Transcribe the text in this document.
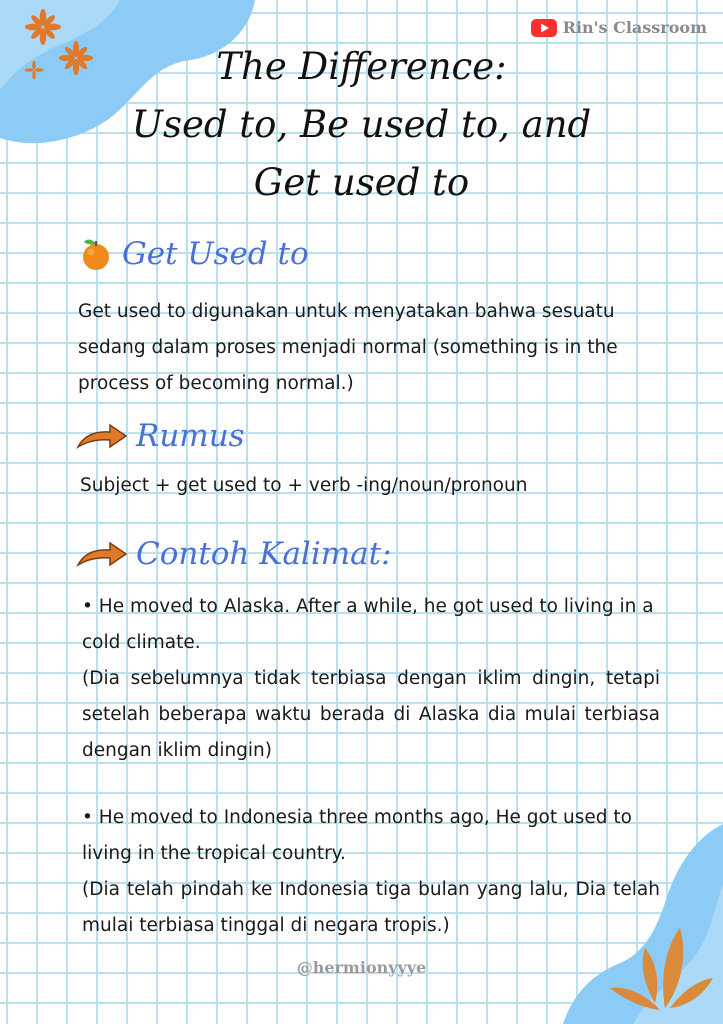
Rin's Classroom
The Difference:
Used to, Be used to, and
Get used to
Get Used to
Get used to digunakan untuk menyatakan bahwa sesuatu
sedang dalam proses menjadi normal (something is in the
process of becoming normal.)
Rumus
Subject + get used to + verb -ing/noun/pronoun
Contoh Kalimat:
• He moved to Alaska. After a while, he got used to living in a cold climate.
(Dia sebelumnya tidak terbiasa dengan iklim dingin, tetapi setelah beberapa waktu berada di Alaska dia mulai terbiasa dengan iklim dingin)
• He moved to Indonesia three months ago, He got used to living in the tropical country.
(Dia telah pindah ke Indonesia tiga bulan yang lalu, Dia telah mulai terbiasa tinggal di negara tropis.)
@hermionyyye
